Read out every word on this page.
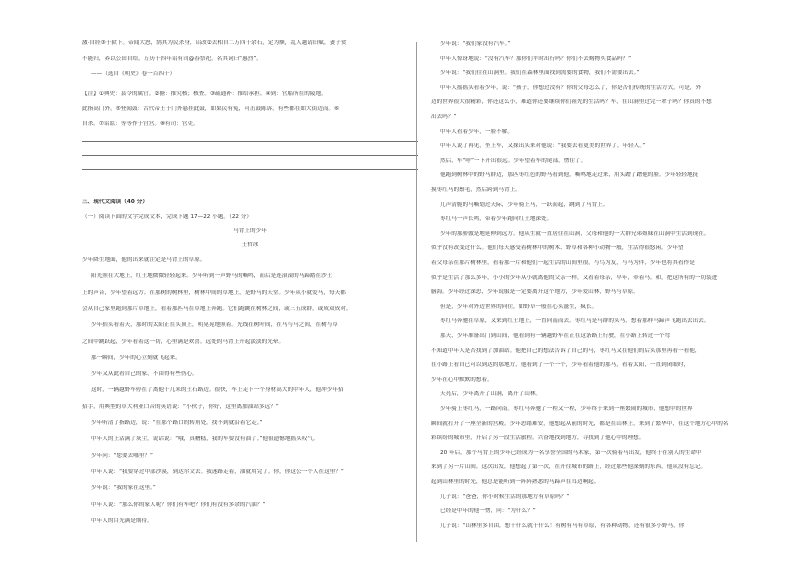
激·自经③于狱下。帝闻大怒，鹄其为民杀身，诏改②去相自二万四千余石，定为额，乱人越请旧赋，妻子贫
不能归，养以公田自给。万历十四年诏有司@春祭祀，名其词曰“惠烈”。
——（选自《明史》卷一百四十）
【注】①典史：县令的属官。②搪：推究核；核查。③疏通补：推给承担。④到：官船所在的陵地。
此指高门外。⑤登闻鼓：古代帝王于门外悬挂此鼓，如果民有冤，可击鼓陈诉。有些都在如大街边而。⑥
自杀。⑦诏监：等等作于宫宫。⑧有司：官吏。
三、现代文阅读（40 分）
（一）阅读下面的文字完成文本，完成下题 17—22 小题。（22 分）
马背上的少年
王哲冰
少年降生地面，他的出来就注定是马背上的草原。
阳光照在大地上，红土地微微轻轻起来。少年听到一声野马的嘶鸣，而后是连滚滚的马蹄踏在沙土
上的声音，少年望着远方。在那树的树林里，树林中间的草地上，是野马的天堂。少年从小就爱马，每天都
会从自己家里跑到那片草地上，看着那匹马在草地上奔跑。它们跑跳在树林之间，或三五成群，或成双成对。
少年抬头看着天，那时的太阳正在头顶上，明晃晃地照着。光线在树叶间，在马与马之间，在树与草
之间中跳跃起，少年看着这一切，心里满是欢喜。远处的马背上升起淡淡的光晕。
那一瞬间，少年的心立刻就飞起来。
少年又从此看自己的家，不由得有些伤心。
这时，一辆越野车停在了离他十几米的土石路边。很快，车上走下一个身材高大的中年人，他冲少年招
招手，用典型的草大利亚口音的英语说：“小伙子，你好，这里离加油站多远？”
少年听清了指路边，说：“在那个路口的转角处。找不到就沿着它走。”
中年人的上沾满了灰尘，说话说：“哦，真糟糕，我的车要没有油了。”他很遗憾地摇头叹气。
少年问：“您要去哪里？”
中年人说：“我要穿过中部沙漠，到达尔文去。我迷路走着，油就用完了。你，你这公一个人在这里？”
少年说：“我的家在这里。”
中年人说：“那么你的家人呢？你们有车吧？你们有没有多余的汽油？”
中年人的目光满是期待。
少年说：“我们家没有汽车。”
中年人惊讶地说：“没有汽车？那你们平时出行吗？你们不去购物买食品吗？”
少年说：“我们住在山洞里。我们在森林里面找到需要的食物，我们不需要出去。”
中年人摇摇头看着少年，说：“孩子，你想过没有？你的父母怎么了，你是否们传统的生活方式。可是，外
边的世界很大很精彩，你还这么小，难道你还要继续你们祖先的生活吗？车，在山洞里过完一辈子吗？你真的不想
出去吗？”
中年人看着少年，一脸不解。
中年人说了再见，坐上车，又探出头来对他说：“我要去看更美的世界了，年轻人。”
然后，车“呼”一下开出很远。少年望着车的尾部，愣住了。
他跑到树林中的野马群边，那匹枣红色的野马看到他，嘶鸣地走过来，用头蹭了蹭他的脸。少年轻轻地抚
摸枣红马的鬃毛，然后跨到马背上。
几声清脆的马嘶划过天际，少年骑上马，一跃而起，跳到了马背上。
枣红马一声长鸣，带着少年跑向红土地深处。
少年的那骄傲是地延伸到远方。他从生就一直居住在山洞，父母和他的一大群兄弟姐妹在山洞中生活到现在。
似乎没有改变过什么。他们每天感受着树林中的树木、野草和各种小动物一般，生活得很悠闲。少年望
着父母亲在那片树林里，看着那一片和他们一起生活的山间里很，与鸟为友，与马为伴，少年也将其看作是
似乎是生活了那么多年，小小的少年从小就离他的父亲一样，又看着母亲，早年，牵着马。和，把这所有的一切装进
脑海。少年经过深思，少年说服是一定要离开这个地方，少年爱山林，野马与草原。
但是，少年对外边世界的向往，如野草一般在心头滋生，疯长。
枣红马奔驰在草原，又来到红土地上，一直向南而去。枣红马是马群的头马，想着那样马蹄声飞跑出去出去。
那天，少年准备出门到山间，他看到有一辆越野车在正在这条路上行驶，在小路上转过一个弯
不知道中年人是否找到了加油站。他把自己的想法告诉了自己的马，枣红马又在他们的后头那里再看一看他，
在小路上看自已可以到达的那地方，他看到了一个一个，少年看着他的那马，看着太阳，一直到闭眼时，
少年在心中默默的想着。
天亮后，少年离开了山洞，离开了山林。
少年骑上枣红马，一路向南。枣红马奔驰了一程又一程，少年终于来到一座繁闹的城市，他想中的世界
瞬间就打开了一座全新的宫殿。少年思绪难安，他想起从前的时光，都是在山林上，来到了繁华中，在这个地方心中的名
彩缤纷的城市里，开启了另一段生活旅程。兴奋地找到地方，寻找到了他心中的理想。
20 年后，那个马背上的少年已经成为一名享誉全国的马术家，第一次骑着马出发，他终于在别人的生命中
来到了另一片山间。这次出发，他想起了第一次，在开往城市的路上，经过那些他深刻的东西，他从没有忘记。
起到山林里的时光，他总是能听到一阵阵熟悉的马蹄声在耳边响起。
儿子说：“爸爸，你小时候生活的那地方有草原吗？”
已经是中年的他一愣，问：“为什么？”
儿子说：“山林里多自由，想干什么就干什么！有树有马有草原，有各种动物，还有很多小野马，你
